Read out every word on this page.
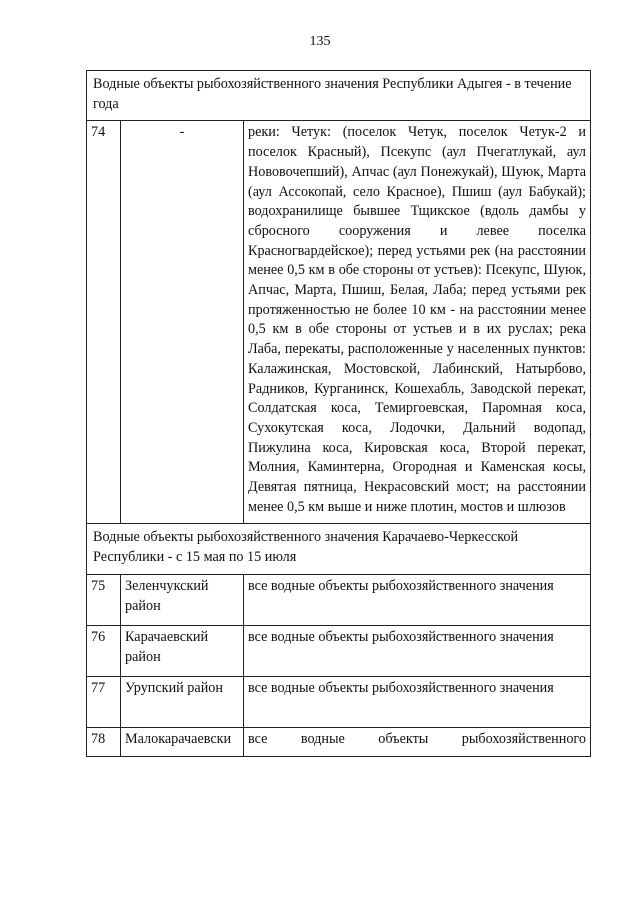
135
Водные объекты рыбохозяйственного значения Республики Адыгея - в течение года		
74	-	реки: Четук: (поселок Четук, поселок Четук-2 и поселок Красный), Псекупс (аул Пчегатлукай, аул Нововочепший), Апчас (аул Понежукай), Шуюк, Марта (аул Ассокопай, село Красное), Пшиш (аул Бабукай); водохранилище бывшее Тщикское (вдоль дамбы у сбросного сооружения и левее поселка Красногвардейское); перед устьями рек (на расстоянии менее 0,5 км в обе стороны от устьев): Псекупс, Шуюк, Апчас, Марта, Пшиш, Белая, Лаба; перед устьями рек протяженностью не более 10 км - на расстоянии менее 0,5 км в обе стороны от устьев и в их руслах; река Лаба, перекаты, расположенные у населенных пунктов: Калажинская, Мостовской, Лабинский, Натырбово, Радников, Курганинск, Кошехабль, Заводской перекат, Солдатская коса, Темиргоевская, Паромная коса, Сухокутская коса, Лодочки, Дальний водопад, Пижулина коса, Кировская коса, Второй перекат, Молния, Каминтерна, Огородная и Каменская косы, Девятая пятница, Некрасовский мост; на расстоянии менее 0,5 км выше и ниже плотин, мостов и шлюзов
Водные объекты рыбохозяйственного значения Карачаево-Черкесской Республики - с 15 мая по 15 июля		
75	Зеленчукский район	все водные объекты рыбохозяйственного значения
76	Карачаевский район	все водные объекты рыбохозяйственного значения
77	Урупский район	все водные объекты рыбохозяйственного значения
78	Малокарачаевски	все водные объекты рыбохозяйственного
